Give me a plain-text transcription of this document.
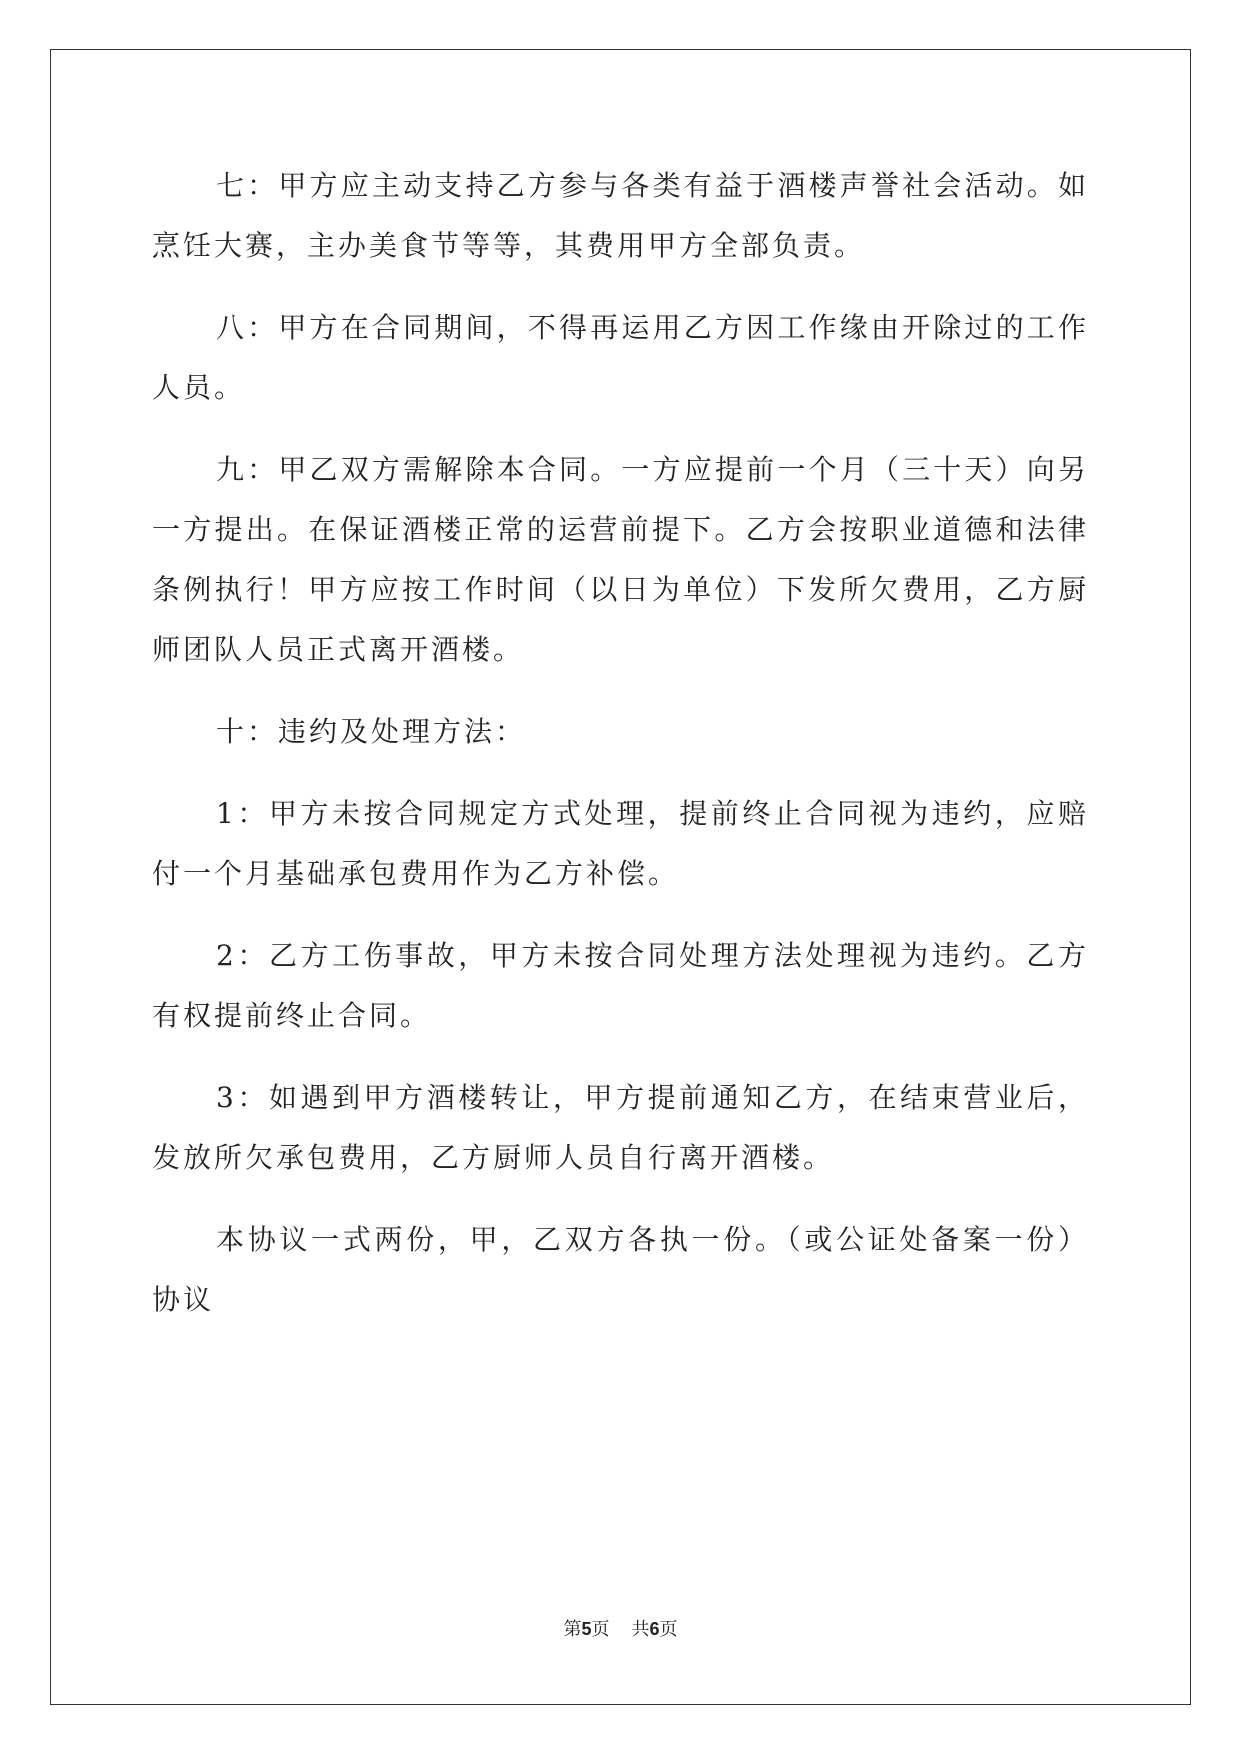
七：甲方应主动支持乙方参与各类有益于酒楼声誉社会活动。如烹饪大赛，主办美食节等等，其费用甲方全部负责。

八：甲方在合同期间，不得再运用乙方因工作缘由开除过的工作人员。

九：甲乙双方需解除本合同。一方应提前一个月（三十天）向另一方提出。在保证酒楼正常的运营前提下。乙方会按职业道德和法律条例执行！甲方应按工作时间（以日为单位）下发所欠费用，乙方厨师团队人员正式离开酒楼。

十：违约及处理方法：

1：甲方未按合同规定方式处理，提前终止合同视为违约，应赔付一个月基础承包费用作为乙方补偿。

2：乙方工伤事故，甲方未按合同处理方法处理视为违约。乙方有权提前终止合同。

3：如遇到甲方酒楼转让，甲方提前通知乙方，在结束营业后，发放所欠承包费用，乙方厨师人员自行离开酒楼。

本协议一式两份，甲，乙双方各执一份。（或公证处备案一份）协议

第5页 共6页
